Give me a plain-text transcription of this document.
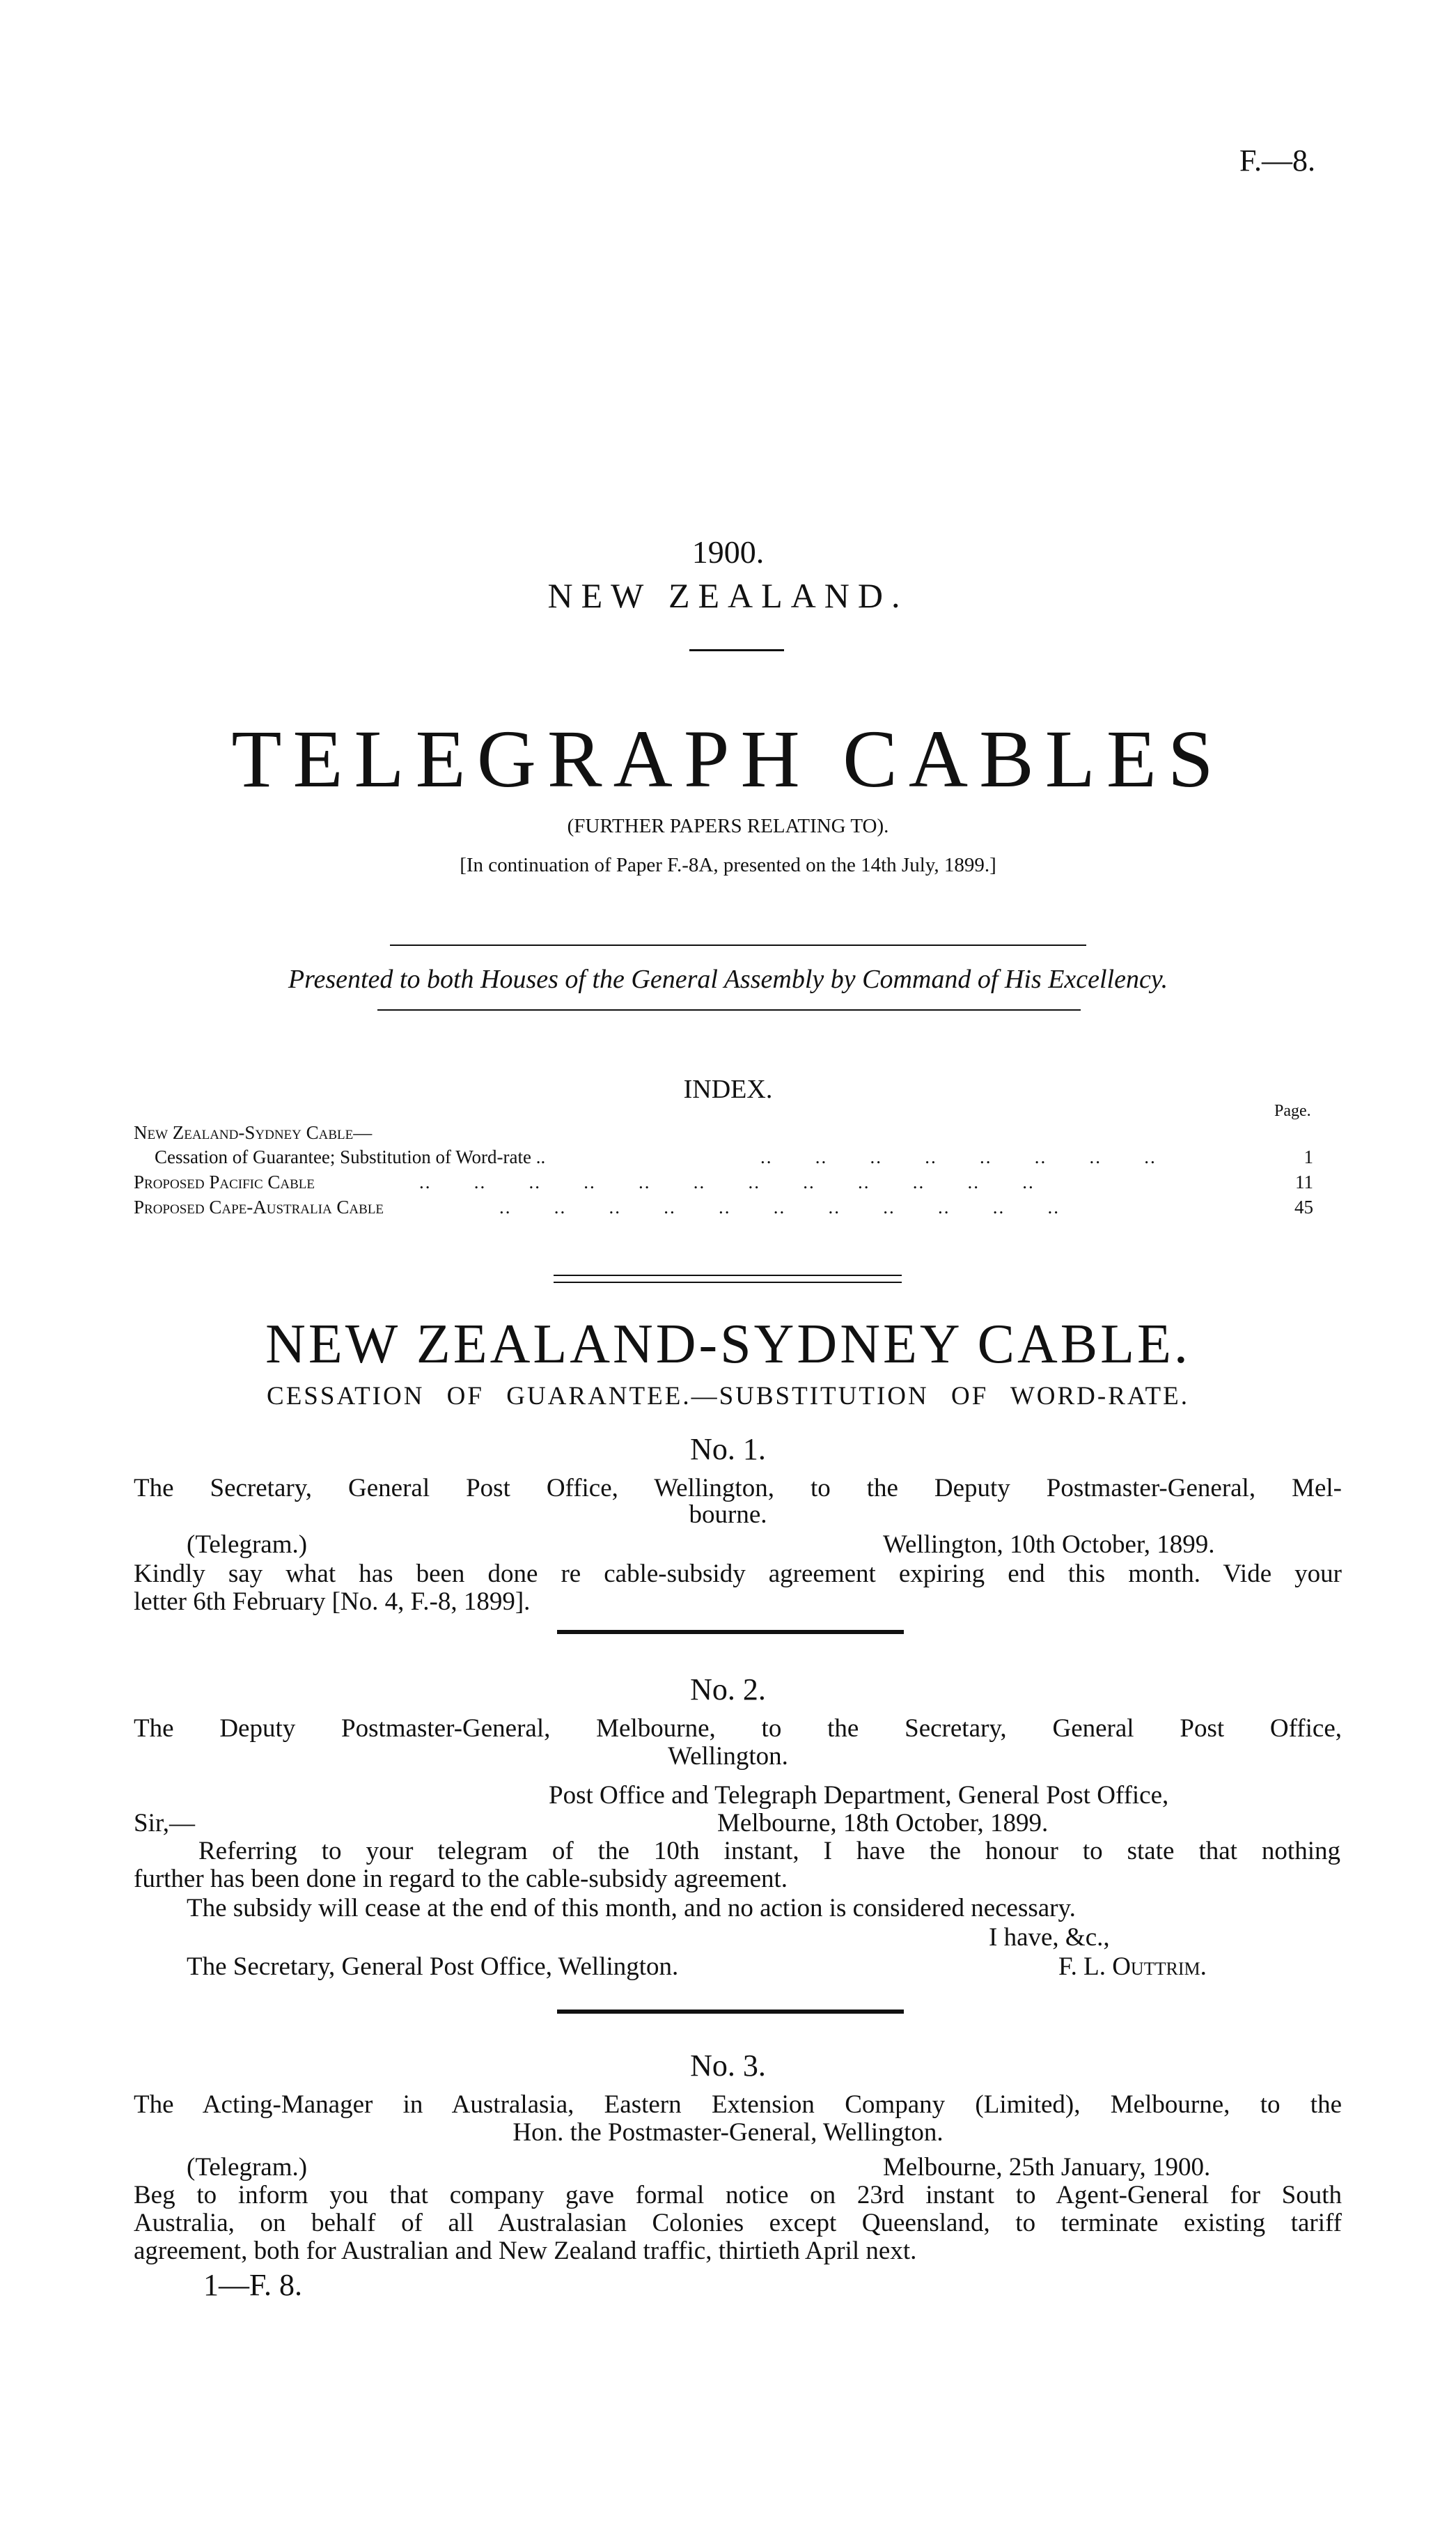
F.—8.
1900.
NEW ZEALAND.
TELEGRAPH CABLES
(FURTHER PAPERS RELATING TO).
[In continuation of Paper F.-8A, presented on the 14th July, 1899.]
Presented to both Houses of the General Assembly by Command of His Excellency.
INDEX.
Page.
New Zealand-Sydney Cable—
Cessation of Guarantee; Substitution of Word-rate ..	..       ..       ..       ..       ..       ..       ..       ..	1
Proposed Pacific Cable	..       ..       ..       ..       ..       ..       ..       ..       ..       ..       ..       ..	11
Proposed Cape-Australia Cable	..       ..       ..       ..       ..       ..       ..       ..       ..       ..       ..	45
NEW ZEALAND-SYDNEY CABLE.
CESSATION OF GUARANTEE.—SUBSTITUTION OF WORD-RATE.
No. 1.
The Secretary, General Post Office, Wellington, to the Deputy Postmaster-General, Mel-
bourne.
(Telegram.)	Wellington, 10th October, 1899.
Kindly say what has been done re cable-subsidy agreement expiring end this month. Vide your
letter 6th February [No. 4, F.-8, 1899].
No. 2.
The Deputy Postmaster-General, Melbourne, to the Secretary, General Post Office,
Wellington.
Post Office and Telegraph Department, General Post Office,
Sir,—	Melbourne, 18th October, 1899.
Referring to your telegram of the 10th instant, I have the honour to state that nothing
further has been done in regard to the cable-subsidy agreement.
The subsidy will cease at the end of this month, and no action is considered necessary.
I have, &c.,
The Secretary, General Post Office, Wellington.	F. L. Outtrim.
No. 3.
The Acting-Manager in Australasia, Eastern Extension Company (Limited), Melbourne, to the
Hon. the Postmaster-General, Wellington.
(Telegram.)	Melbourne, 25th January, 1900.
Beg to inform you that company gave formal notice on 23rd instant to Agent-General for South
Australia, on behalf of all Australasian Colonies except Queensland, to terminate existing tariff
agreement, both for Australian and New Zealand traffic, thirtieth April next.
1—F. 8.
